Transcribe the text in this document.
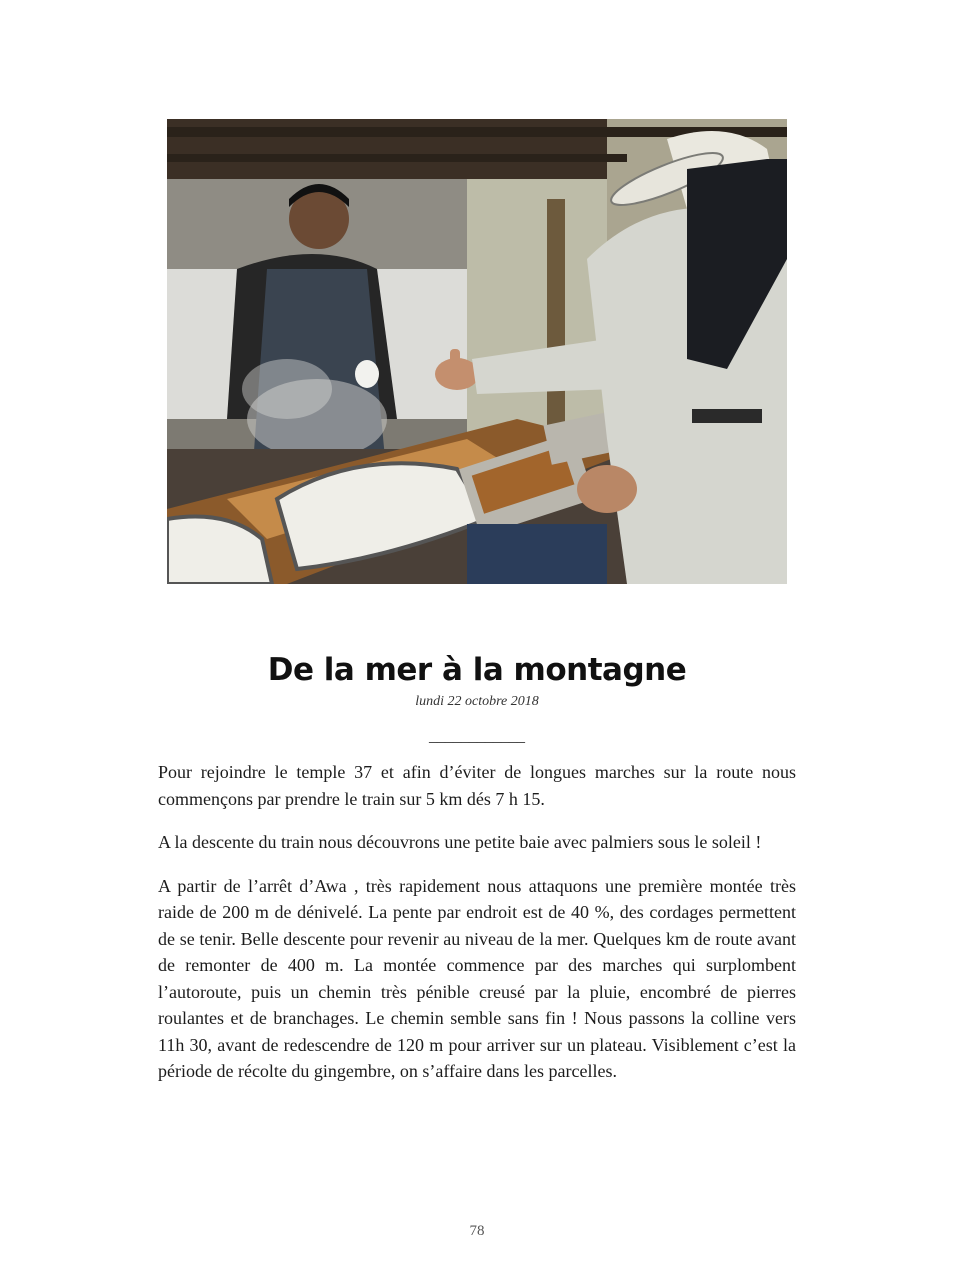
De la mer à la montagne
lundi 22 octobre 2018
____________

Pour rejoindre le temple 37 et afin d’éviter de longues marches sur la route nous commençons par prendre le train sur 5 km dés 7 h 15.

A la descente du train nous découvrons une petite baie avec palmiers sous le soleil !

A partir de l’arrêt d’Awa , très rapidement nous attaquons une première montée très raide de 200 m de dénivelé. La pente par endroit est de 40 %, des cordages permettent de se tenir. Belle descente pour revenir au niveau de la mer. Quelques km de route avant de remonter de 400 m. La montée commence par des marches qui surplombent l’autoroute, puis un chemin très pénible creusé par la pluie, encombré de pierres roulantes et de branchages. Le chemin semble sans fin ! Nous passons la colline vers 11h 30, avant de redescendre de 120 m pour arriver sur un plateau. Visiblement c’est la période de récolte du gingembre, on s’affaire dans les parcelles.

78
